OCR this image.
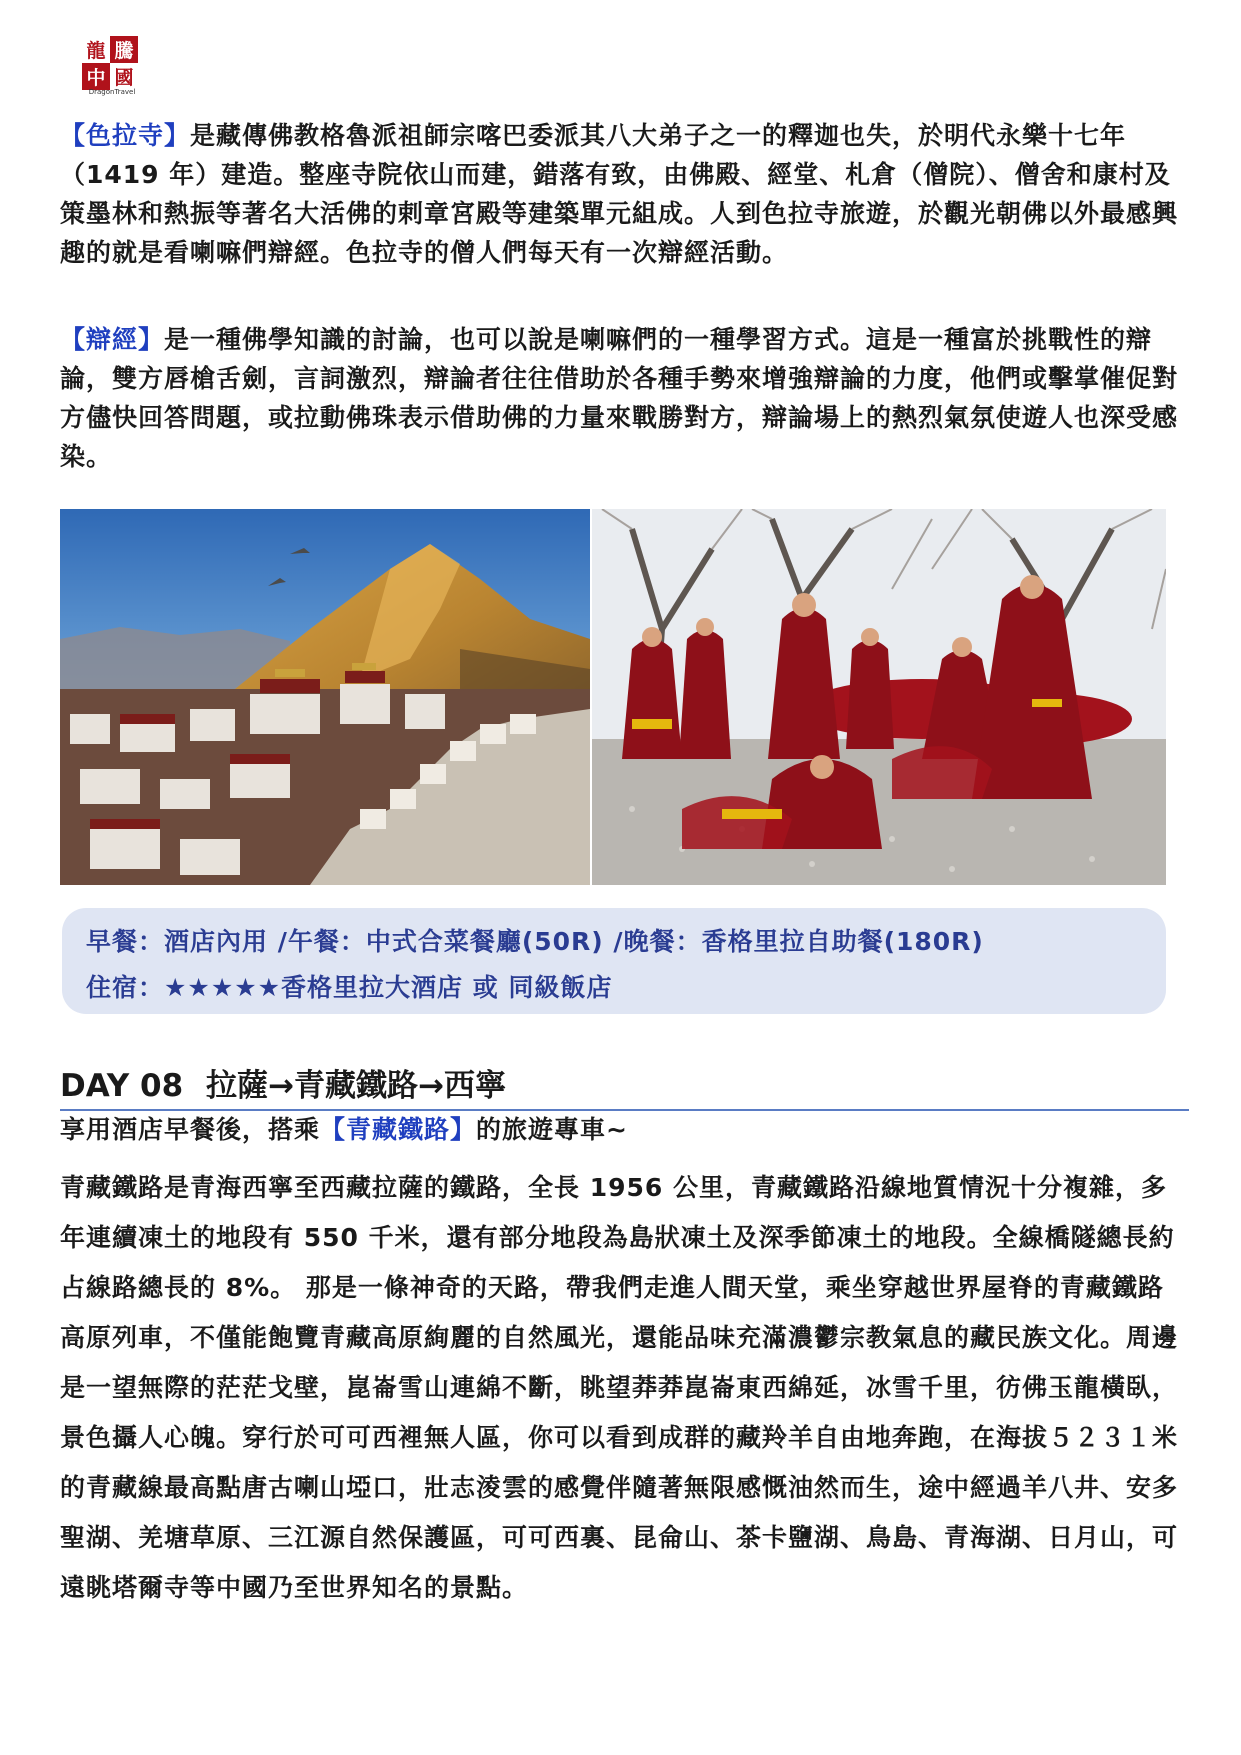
龍 騰
中 國
DragonTravel
【色拉寺】是藏傳佛教格魯派祖師宗喀巴委派其八大弟子之一的釋迦也失，於明代永樂十七年（1419 年）建造。整座寺院依山而建，錯落有致，由佛殿、經堂、札倉（僧院）、僧舍和康村及策墨林和熱振等著名大活佛的剌章宮殿等建築單元組成。人到色拉寺旅遊，於觀光朝佛以外最感興趣的就是看喇嘛們辯經。色拉寺的僧人們每天有一次辯經活動。
【辯經】是一種佛學知識的討論，也可以說是喇嘛們的一種學習方式。這是一種富於挑戰性的辯論，雙方唇槍舌劍，言詞激烈，辯論者往往借助於各種手勢來增強辯論的力度，他們或擊掌催促對方儘快回答問題，或拉動佛珠表示借助佛的力量來戰勝對方，辯論場上的熱烈氣氛使遊人也深受感染。
早餐：酒店內用 /午餐：中式合菜餐廳(50R) /晚餐：香格里拉自助餐(180R)
住宿：★★★★★香格里拉大酒店 或 同級飯店
DAY 08 拉薩→青藏鐵路→西寧
享用酒店早餐後，搭乘【青藏鐵路】的旅遊專車~
青藏鐵路是青海西寧至西藏拉薩的鐵路，全長 1956 公里，青藏鐵路沿線地質情況十分複雜，多年連續凍土的地段有 550 千米，還有部分地段為島狀凍土及深季節凍土的地段。全線橋隧總長約占線路總長的 8%。 那是一條神奇的天路，帶我們走進人間天堂，乘坐穿越世界屋脊的青藏鐵路高原列車，不僅能飽覽青藏高原絢麗的自然風光，還能品味充滿濃鬱宗教氣息的藏民族文化。周邊是一望無際的茫茫戈壁，崑崙雪山連綿不斷，眺望莽莽崑崙東西綿延，冰雪千里，彷佛玉龍橫臥，景色攝人心魄。穿行於可可西裡無人區，你可以看到成群的藏羚羊自由地奔跑，在海拔５２３１米的青藏線最高點唐古喇山埡口，壯志淩雲的感覺伴隨著無限感慨油然而生，途中經過羊八井、安多聖湖、羌塘草原、三江源自然保護區，可可西裏、昆侖山、茶卡鹽湖、鳥島、青海湖、日月山，可遠眺塔爾寺等中國乃至世界知名的景點。
